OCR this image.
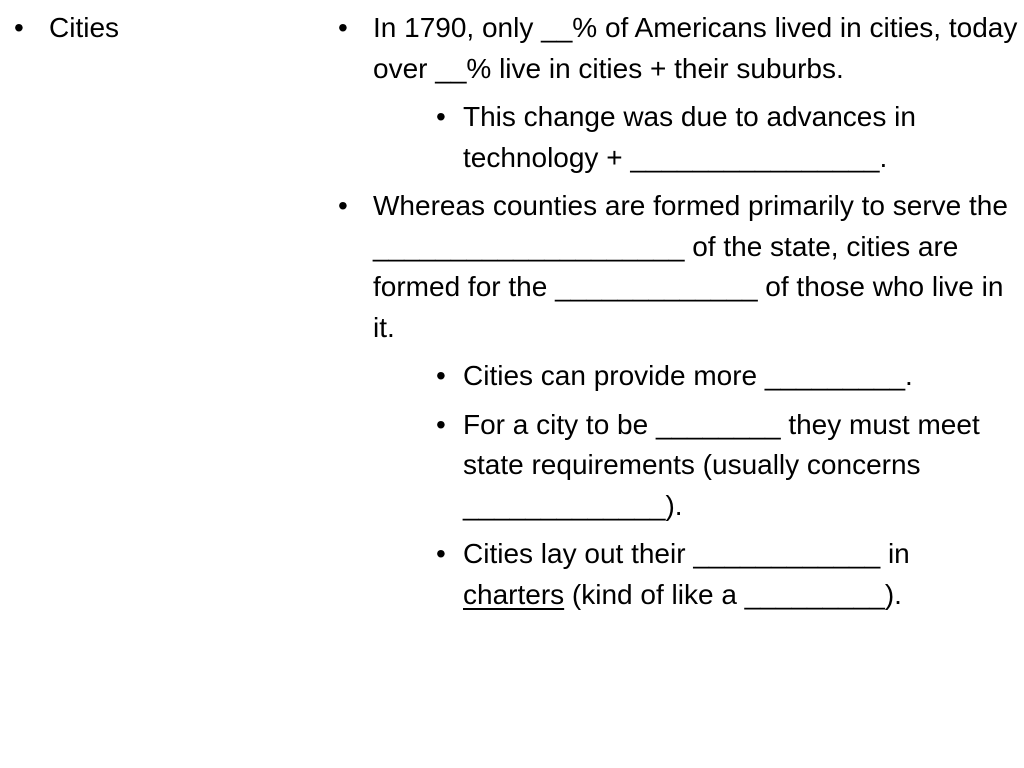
• Cities	• In 1790, only __% of Americans lived in cities, today over __% live in cities + their suburbs.
• This change was due to advances in technology + ________________.
• Whereas counties are formed primarily to serve the ____________________ of the state, cities are formed for the _____________ of those who live in it.
• Cities can provide more _________.
• For a city to be ________ they must meet state requirements (usually concerns _____________).
• Cities lay out their ____________ in charters (kind of like a _________).
